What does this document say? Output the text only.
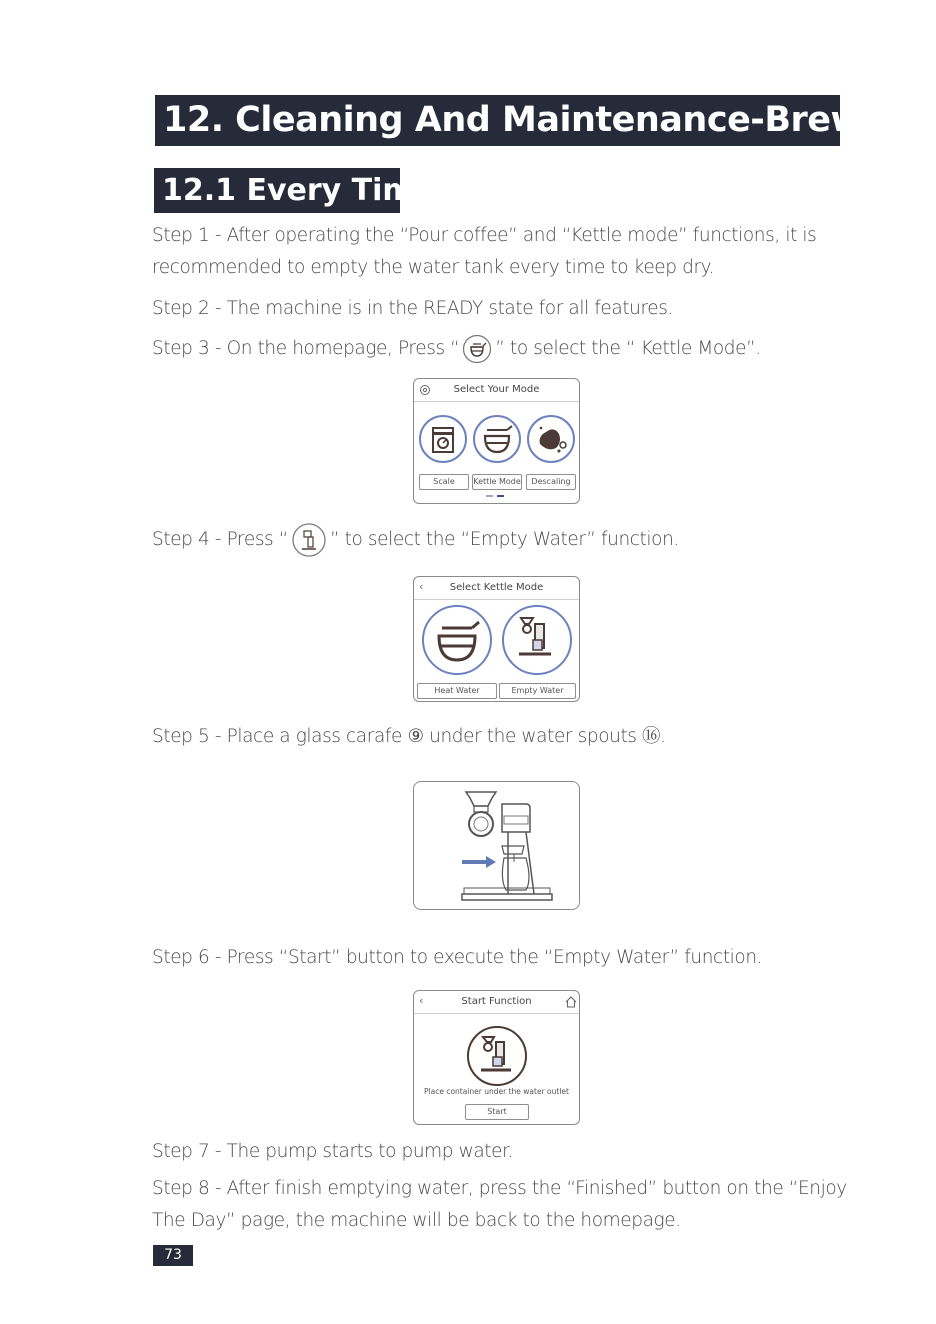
12. Cleaning And Maintenance-Brewer
12.1 Every Time
Step 1 - After operating the “Pour coffee” and “Kettle mode” functions, it is
recommended to empty the water tank every time to keep dry.
Step 2 - The machine is in the READY state for all features.
Step 3 - On the homepage, Press “ ” to select the “ Kettle Mode”.
Select Your Mode
Scale	Kettle Mode	Descaling
Step 4 - Press “ ” to select the “Empty Water” function.
Select Kettle Mode
‹
Heat Water	Empty Water
Step 5 - Place a glass carafe ⑨ under the water spouts ⑯.
Step 6 - Press “Start” button to execute the “Empty Water” function.
Start Function
‹
Place container under the water outlet
Start
Step 7 - The pump starts to pump water.
Step 8 - After finish emptying water, press the “Finished” button on the “Enjoy
The Day” page, the machine will be back to the homepage.
73
